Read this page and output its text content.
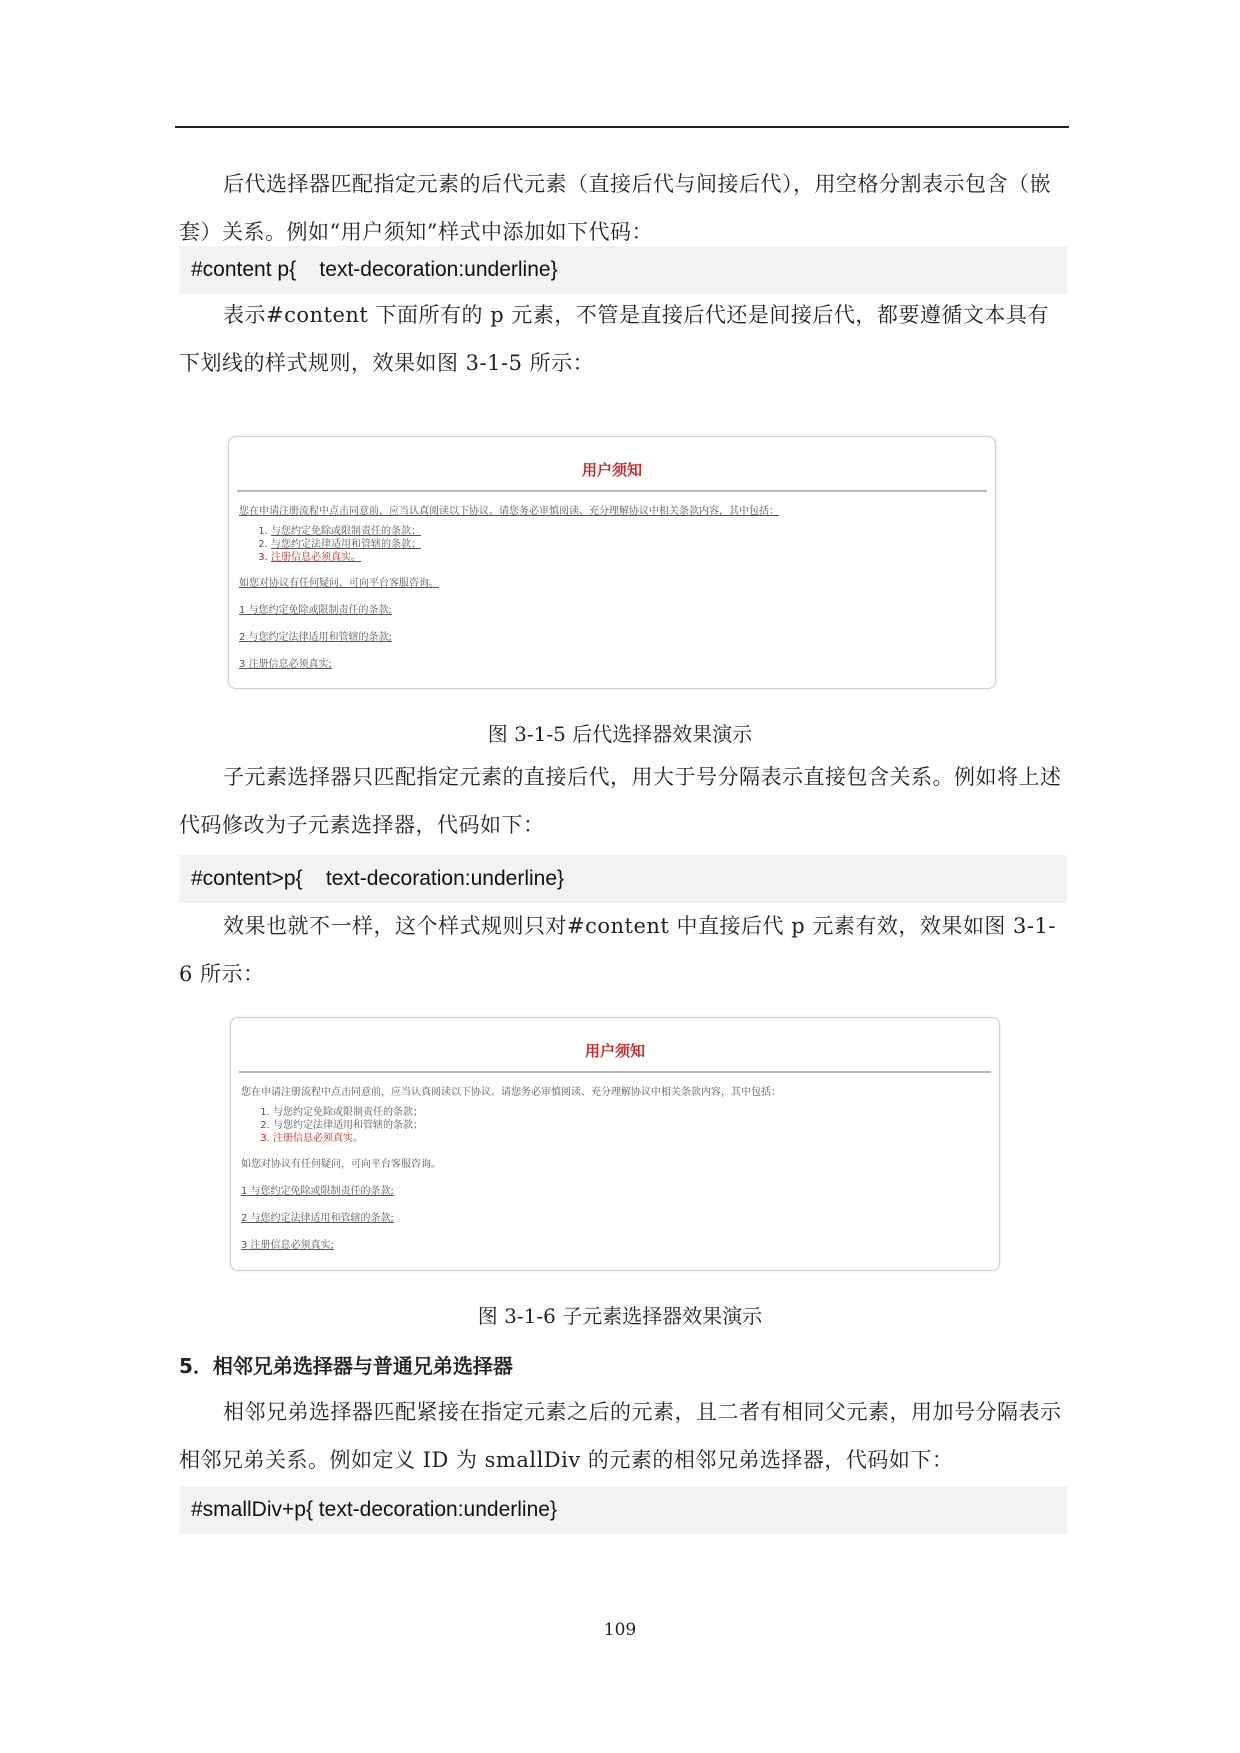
后代选择器匹配指定元素的后代元素（直接后代与间接后代），用空格分割表示包含（嵌套）关系。例如“用户须知”样式中添加如下代码：
#content p{    text-decoration:underline}
表示#content 下面所有的 p 元素，不管是直接后代还是间接后代，都要遵循文本具有下划线的样式规则，效果如图 3-1-5 所示：
用户须知
您在申请注册流程中点击同意前，应当认真阅读以下协议。请您务必审慎阅读、充分理解协议中相关条款内容，其中包括：
1. 与您约定免除或限制责任的条款；
2. 与您约定法律适用和管辖的条款；
3. 注册信息必须真实。
如您对协议有任何疑问，可向平台客服咨询。
1 与您约定免除或限制责任的条款;
2 与您约定法律适用和管辖的条款;
3 注册信息必须真实;
图 3-1-5 后代选择器效果演示
子元素选择器只匹配指定元素的直接后代，用大于号分隔表示直接包含关系。例如将上述代码修改为子元素选择器，代码如下：
#content>p{    text-decoration:underline}
效果也就不一样，这个样式规则只对#content 中直接后代 p 元素有效，效果如图 3-1-6 所示：
用户须知
您在申请注册流程中点击同意前，应当认真阅读以下协议。请您务必审慎阅读、充分理解协议中相关条款内容，其中包括：
1. 与您约定免除或限制责任的条款；
2. 与您约定法律适用和管辖的条款；
3. 注册信息必须真实。
如您对协议有任何疑问，可向平台客服咨询。
1 与您约定免除或限制责任的条款;
2 与您约定法律适用和管辖的条款;
3 注册信息必须真实;
图 3-1-6 子元素选择器效果演示
5．相邻兄弟选择器与普通兄弟选择器
相邻兄弟选择器匹配紧接在指定元素之后的元素，且二者有相同父元素，用加号分隔表示相邻兄弟关系。例如定义 ID 为 smallDiv 的元素的相邻兄弟选择器，代码如下：
#smallDiv+p{ text-decoration:underline}
109
